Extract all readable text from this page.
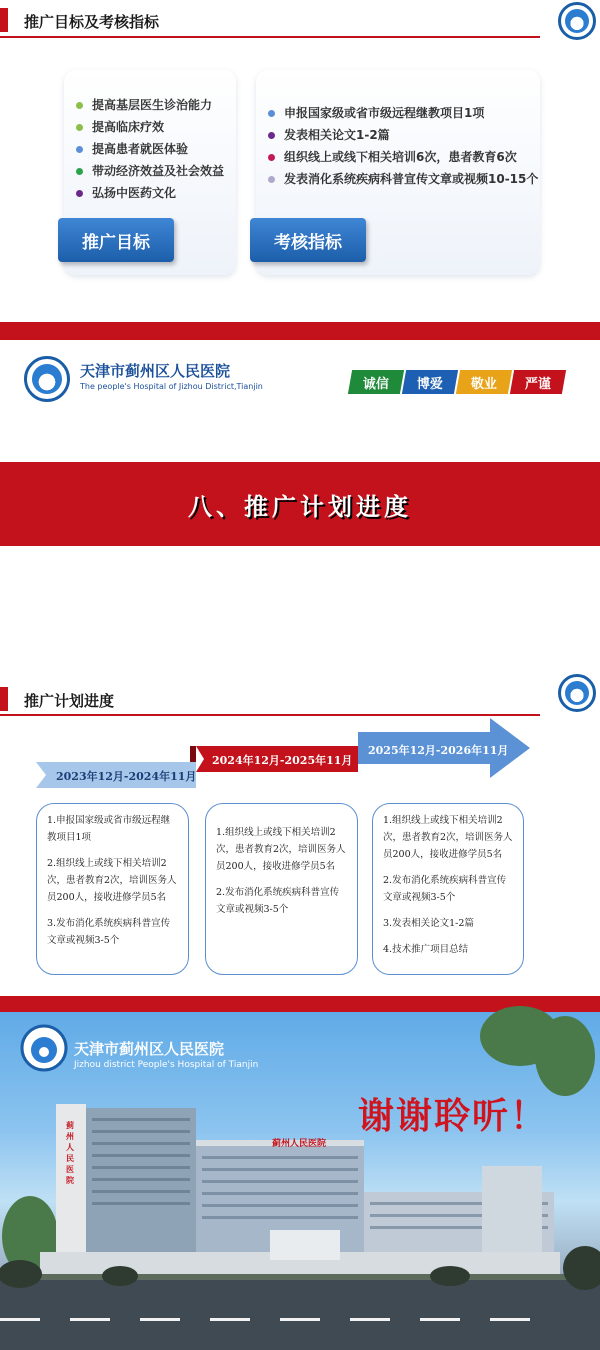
推广目标及考核指标
提高基层医生诊治能力
提高临床疗效
提高患者就医体验
带动经济效益及社会效益
弘扬中医药文化
推广目标
申报国家级或省市级远程继教项目1项
发表相关论文1-2篇
组织线上或线下相关培训6次，患者教育6次
发表消化系统疾病科普宣传文章或视频10-15个
考核指标
天津市蓟州区人民医院
The people's Hospital of Jizhou District,Tianjin	诚信 博爱 敬业 严谨
八、推广计划进度
推广计划进度
2023年12月-2024年11月
2024年12月-2025年11月
2025年12月-2026年11月

1.申报国家级或省市级远程继教项目1项

2.组织线上或线下相关培训2次，患者教育2次，培训医务人员200人，接收进修学员5名

3.发布消化系统疾病科普宣传文章或视频3-5个

1.组织线上或线下相关培训2次，患者教育2次，培训医务人员200人，接收进修学员5名

2.发布消化系统疾病科普宣传文章或视频3-5个

1.组织线上或线下相关培训2次，患者教育2次，培训医务人员200人，接收进修学员5名

2.发布消化系统疾病科普宣传文章或视频3-5个

3.发表相关论文1-2篇

4.技术推广项目总结

蓟州人民医院
蓟州人民医院
天津市蓟州区人民医院
Jizhou district People's Hospital of Tianjin
谢谢聆听！
